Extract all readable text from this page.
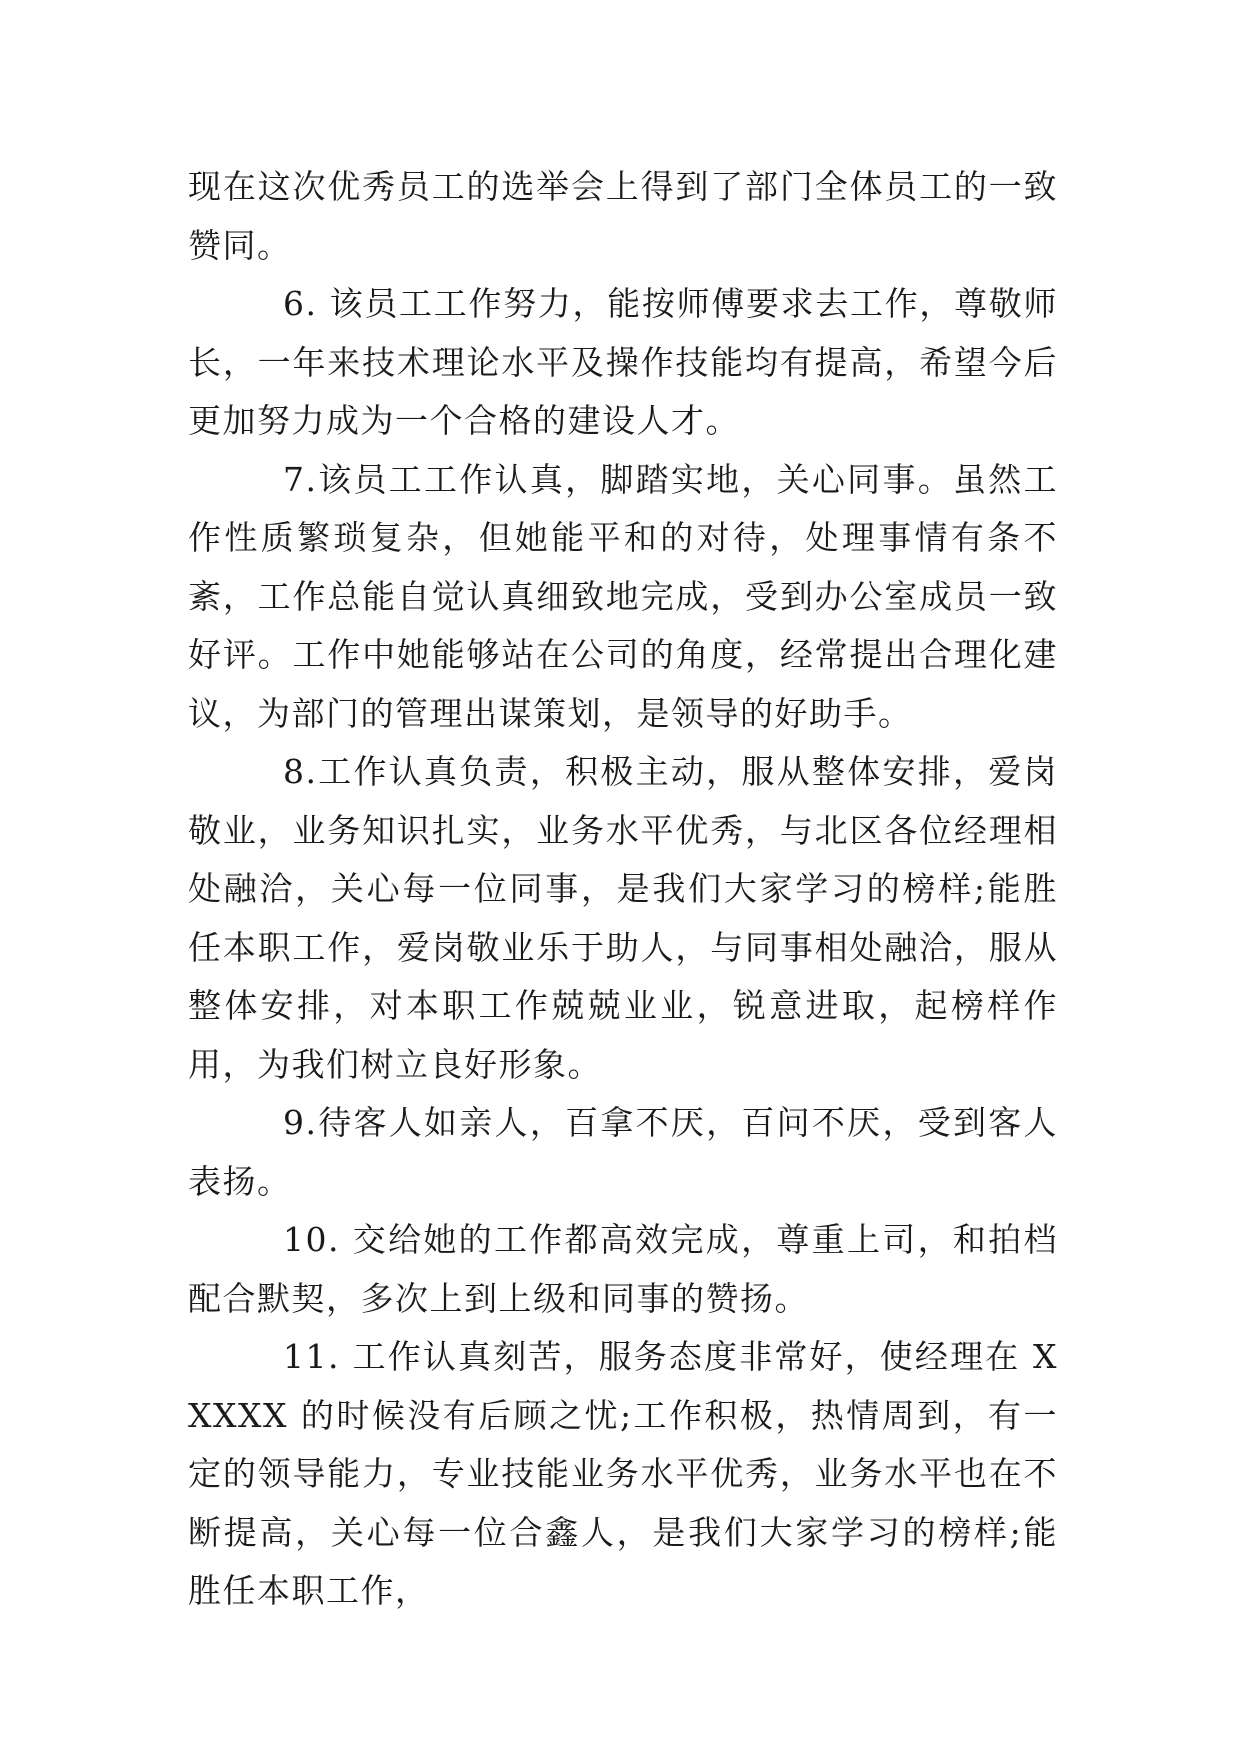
现在这次优秀员工的选举会上得到了部门全体员工的一致赞同。

6. 该员工工作努力，能按师傅要求去工作，尊敬师长，一年来技术理论水平及操作技能均有提高，希望今后更加努力成为一个合格的建设人才。

7.该员工工作认真，脚踏实地，关心同事。虽然工作性质繁琐复杂，但她能平和的对待，处理事情有条不紊，工作总能自觉认真细致地完成，受到办公室成员一致好评。工作中她能够站在公司的角度，经常提出合理化建议，为部门的管理出谋策划，是领导的好助手。

8.工作认真负责，积极主动，服从整体安排，爱岗敬业，业务知识扎实，业务水平优秀，与北区各位经理相处融洽，关心每一位同事，是我们大家学习的榜样;能胜任本职工作，爱岗敬业乐于助人，与同事相处融洽，服从整体安排，对本职工作兢兢业业，锐意进取，起榜样作用，为我们树立良好形象。

9.待客人如亲人，百拿不厌，百问不厌，受到客人表扬。

10. 交给她的工作都高效完成，尊重上司，和拍档配合默契，多次上到上级和同事的赞扬。

11. 工作认真刻苦，服务态度非常好，使经理在 XXXXX 的时候没有后顾之忧;工作积极，热情周到，有一定的领导能力，专业技能业务水平优秀，业务水平也在不断提高，关心每一位合鑫人，是我们大家学习的榜样;能胜任本职工作，
